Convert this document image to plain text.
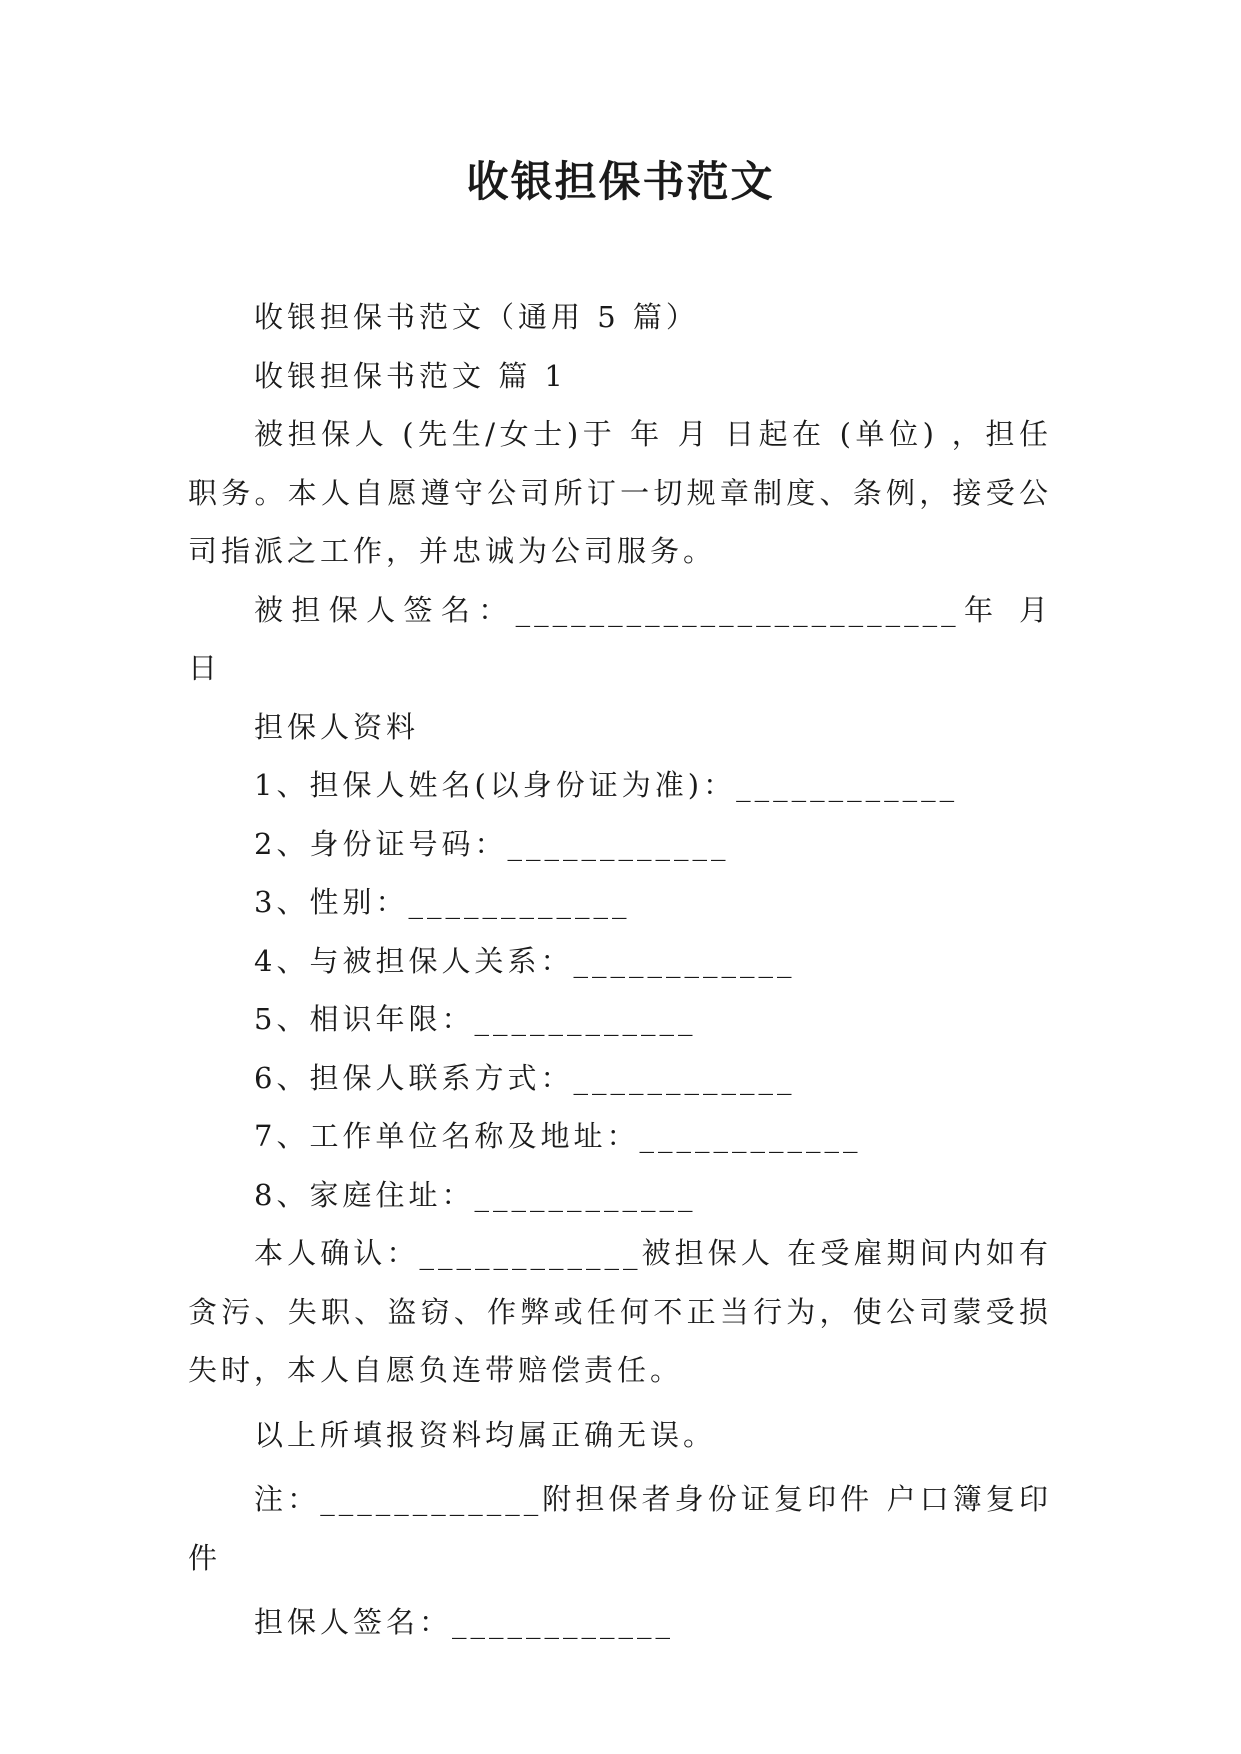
收银担保书范文

收银担保书范文（通用 5 篇）

收银担保书范文 篇 1

被担保人 (先生/女士)于 年 月 日起在 (单位) ，担任 职务。本人自愿遵守公司所订一切规章制度、条例，接受公司指派之工作，并忠诚为公司服务。

被担保人签名：________________________年 月 日

担保人资料

1、担保人姓名(以身份证为准)：____________

2、身份证号码：____________

3、性别：____________

4、与被担保人关系：____________

5、相识年限：____________

6、担保人联系方式：____________

7、工作单位名称及地址：____________

8、家庭住址：____________

本人确认：____________被担保人 在受雇期间内如有贪污、失职、盗窃、作弊或任何不正当行为，使公司蒙受损失时，本人自愿负连带赔偿责任。

以上所填报资料均属正确无误。

注：____________附担保者身份证复印件 户口簿复印件

担保人签名：____________
